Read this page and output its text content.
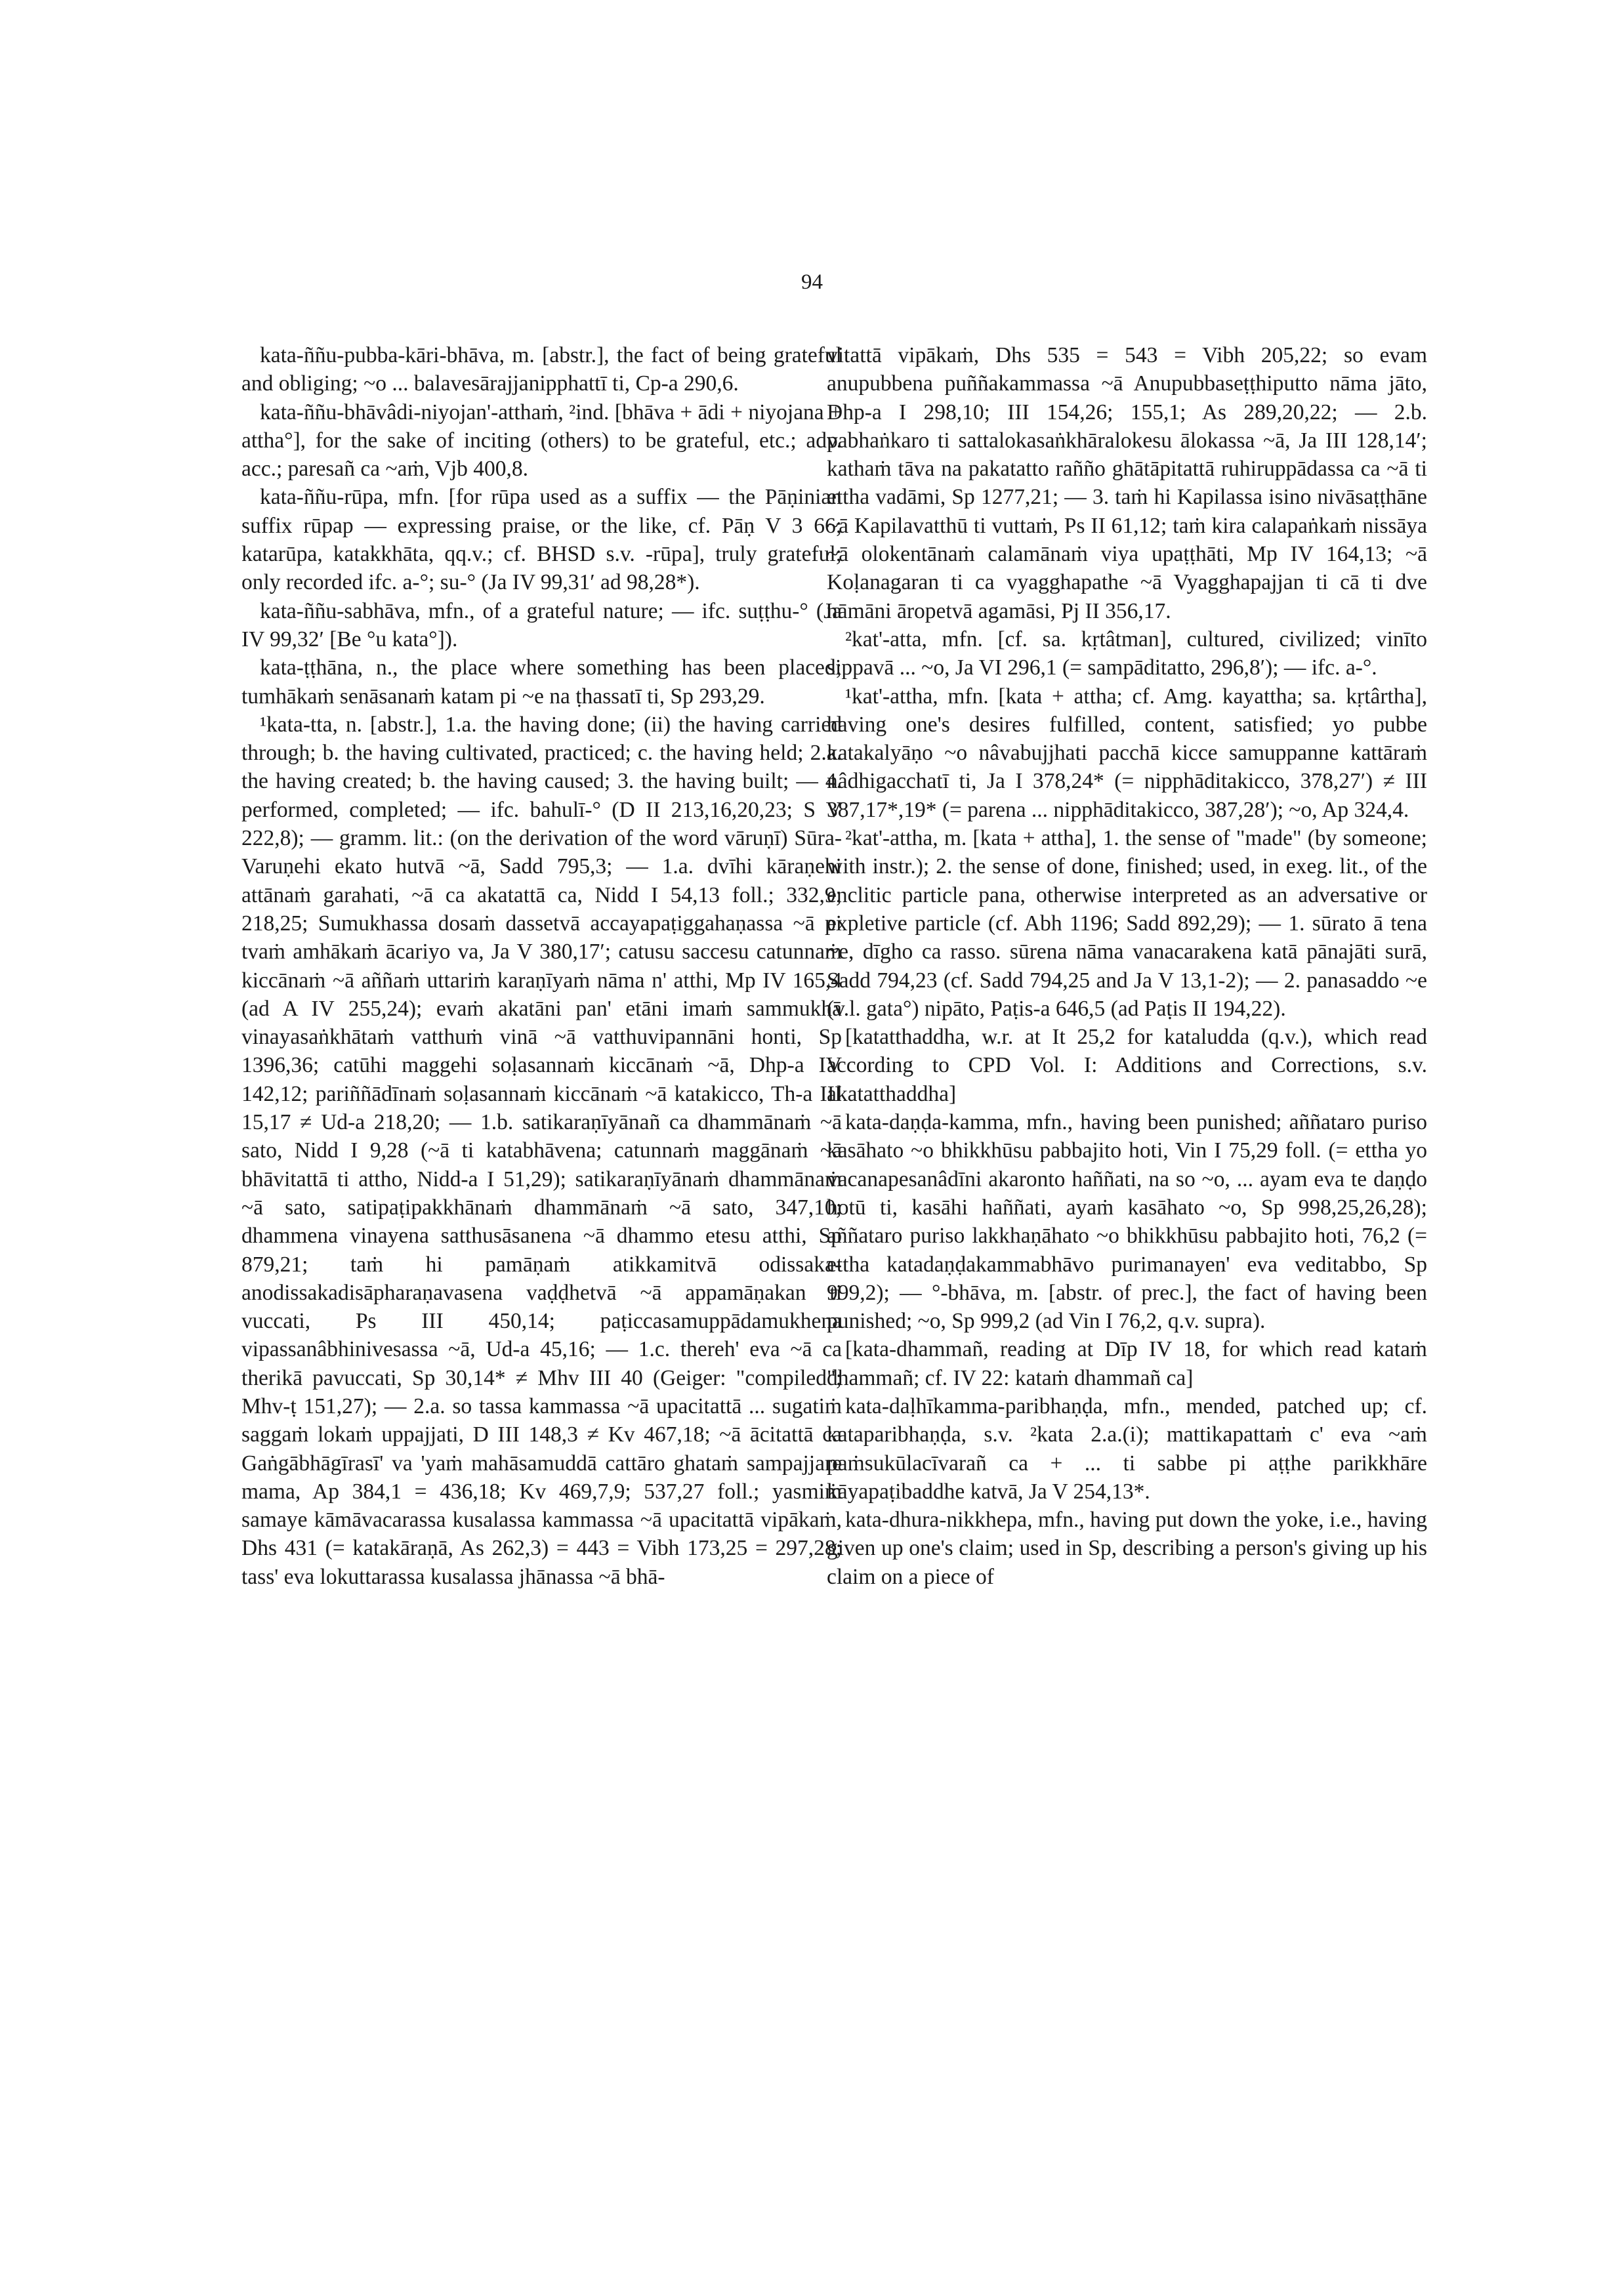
94

kata-ññu-pubba-kāri-bhāva, m. [abstr.], the fact of being grateful and obliging; ~o ... balavesārajjanipphattī ti, Cp-a 290,6.

kata-ññu-bhāvâdi-niyojan'-atthaṁ, ²ind. [bhāva + ādi + niyojana + attha°], for the sake of inciting (others) to be grateful, etc.; adv. acc.; paresañ ca ~aṁ, Vjb 400,8.

kata-ññu-rūpa, mfn. [for rūpa used as a suffix — the Pāṇinian suffix rūpap — expressing praise, or the like, cf. Pāṇ V 3 66; katarūpa, katakkhāta, qq.v.; cf. BHSD s.v. -rūpa], truly grateful; only recorded ifc. a-°; su-° (Ja IV 99,31′ ad 98,28*).

kata-ññu-sabhāva, mfn., of a grateful nature; — ifc. suṭṭhu-° (Ja IV 99,32′ [Be °u kata°]).

kata-ṭṭhāna, n., the place where something has been placed; tumhākaṁ senāsanaṁ katam pi ~e na ṭhassatī ti, Sp 293,29.

¹kata-tta, n. [abstr.], 1.a. the having done; (ii) the having carried through; b. the having cultivated, practiced; c. the having held; 2.a. the having created; b. the having caused; 3. the having built; — 4. performed, completed; — ifc. bahulī-° (D II 213,16,20,23; S V 222,8); — gramm. lit.: (on the derivation of the word vāruṇī) Sūra-Varuṇehi ekato hutvā ~ā, Sadd 795,3; — 1.a. dvīhi kāraṇehi attānaṁ garahati, ~ā ca akatattā ca, Nidd I 54,13 foll.; 332,9; 218,25; Sumukhassa dosaṁ dassetvā accayapaṭiggahaṇassa ~ā pi tvaṁ amhākaṁ ācariyo va, Ja V 380,17′; catusu saccesu catunnaṁ kiccānaṁ ~ā aññaṁ uttariṁ karaṇīyaṁ nāma n' atthi, Mp IV 165,4 (ad A IV 255,24); evaṁ akatāni pan' etāni imaṁ sammukhā vinayasaṅkhātaṁ vatthuṁ vinā ~ā vatthuvipannāni honti, Sp 1396,36; catūhi maggehi soḷasannaṁ kiccānaṁ ~ā, Dhp-a IV 142,12; pariññādīnaṁ soḷasannaṁ kiccānaṁ ~ā katakicco, Th-a III 15,17 ≠ Ud-a 218,20; — 1.b. satikaraṇīyānañ ca dhammānaṁ ~ā sato, Nidd I 9,28 (~ā ti katabhāvena; catunnaṁ maggānaṁ ~ā bhāvitattā ti attho, Nidd-a I 51,29); satikaraṇīyānaṁ dhammānaṁ ~ā sato, satipaṭipakkhānaṁ dhammānaṁ ~ā sato, 347,10; dhammena vinayena satthusāsanena ~ā dhammo etesu atthi, Sp 879,21; taṁ hi pamāṇaṁ atikkamitvā odissaka-anodissakadisāpharaṇavasena vaḍḍhetvā ~ā appamāṇakan ti vuccati, Ps III 450,14; paṭiccasamuppādamukhena vipassanâbhinivesassa ~ā, Ud-a 45,16; — 1.c. thereh' eva ~ā ca therikā pavuccati, Sp 30,14* ≠ Mhv III 40 (Geiger: "compiled"; Mhv-ṭ 151,27); — 2.a. so tassa kammassa ~ā upacitattā ... sugatiṁ saggaṁ lokaṁ uppajjati, D III 148,3 ≠ Kv 467,18; ~ā ācitattā ca Gaṅgābhāgīrasī' va 'yaṁ mahāsamuddā cattāro ghataṁ sampajjare mama, Ap 384,1 = 436,18; Kv 469,7,9; 537,27 foll.; yasmiṁ samaye kāmāvacarassa kusalassa kammassa ~ā upacitattā vipākaṁ, Dhs 431 (= katakāraṇā, As 262,3) = 443 = Vibh 173,25 = 297,28; tass' eva lokuttarassa kusalassa jhānassa ~ā bhā-

vitattā vipākaṁ, Dhs 535 = 543 = Vibh 205,22; so evam anupubbena puññakammassa ~ā Anupubbaseṭṭhiputto nāma jāto, Dhp-a I 298,10; III 154,26; 155,1; As 289,20,22; — 2.b. pabhaṅkaro ti sattalokasaṅkhāralokesu ālokassa ~ā, Ja III 128,14′; kathaṁ tāva na pakatatto rañño ghātāpitattā ruhiruppādassa ca ~ā ti ettha vadāmi, Sp 1277,21; — 3. taṁ hi Kapilassa isino nivāsaṭṭhāne ~ā Kapilavatthū ti vuttaṁ, Ps II 61,12; taṁ kira calapaṅkaṁ nissāya ~ā olokentānaṁ calamānaṁ viya upaṭṭhāti, Mp IV 164,13; ~ā Koḷanagaran ti ca vyagghapathe ~ā Vyagghapajjan ti cā ti dve nāmāni āropetvā agamāsi, Pj II 356,17.

²kat'-atta, mfn. [cf. sa. kṛtâtman], cultured, civilized; vinīto sippavā ... ~o, Ja VI 296,1 (= sampāditatto, 296,8′); — ifc. a-°.

¹kat'-attha, mfn. [kata + attha; cf. Amg. kayattha; sa. kṛtârtha], having one's desires fulfilled, content, satisfied; yo pubbe katakalyāṇo ~o nâvabujjhati pacchā kicce samuppanne kattāraṁ nâdhigacchatī ti, Ja I 378,24* (= nipphāditakicco, 378,27′) ≠ III 387,17*,19* (= parena ... nipphāditakicco, 387,28′); ~o, Ap 324,4.

²kat'-attha, m. [kata + attha], 1. the sense of "made" (by someone; with instr.); 2. the sense of done, finished; used, in exeg. lit., of the enclitic particle pana, otherwise interpreted as an adversative or expletive particle (cf. Abh 1196; Sadd 892,29); — 1. sūrato ā tena ~e, dīgho ca rasso. sūrena nāma vanacarakena katā pānajāti surā, Sadd 794,23 (cf. Sadd 794,25 and Ja V 13,1-2); — 2. panasaddo ~e (v.l. gata°) nipāto, Paṭis-a 646,5 (ad Paṭis II 194,22).

[katatthaddha, w.r. at It 25,2 for kataludda (q.v.), which read according to CPD Vol. I: Additions and Corrections, s.v. akatatthaddha]

kata-daṇḍa-kamma, mfn., having been punished; aññataro puriso kasāhato ~o bhikkhūsu pabbajito hoti, Vin I 75,29 foll. (= ettha yo vacanapesanâdīni akaronto haññati, na so ~o, ... ayam eva te daṇḍo hotū ti, kasāhi haññati, ayaṁ kasāhato ~o, Sp 998,25,26,28); aññataro puriso lakkhaṇāhato ~o bhikkhūsu pabbajito hoti, 76,2 (= ettha katadaṇḍakammabhāvo purimanayen' eva veditabbo, Sp 999,2); — °-bhāva, m. [abstr. of prec.], the fact of having been punished; ~o, Sp 999,2 (ad Vin I 76,2, q.v. supra).

[kata-dhammañ, reading at Dīp IV 18, for which read kataṁ dhammañ; cf. IV 22: kataṁ dhammañ ca]

kata-daḷhīkamma-paribhaṇḍa, mfn., mended, patched up; cf. kataparibhaṇḍa, s.v. ²kata 2.a.(i); mattikapattaṁ c' eva ~aṁ paṁsukūlacīvarañ ca + ... ti sabbe pi aṭṭhe parikkhāre kāyapaṭibaddhe katvā, Ja V 254,13*.

kata-dhura-nikkhepa, mfn., having put down the yoke, i.e., having given up one's claim; used in Sp, describing a person's giving up his claim on a piece of
